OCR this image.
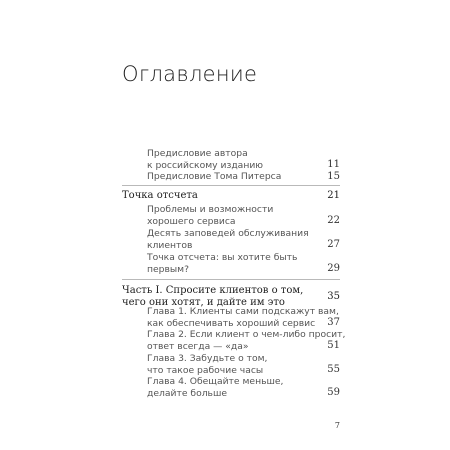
Оглавление
Предисловие автора
к российскому изданию	11
Предисловие Тома Питерса	15
Точка отсчета	21
Проблемы и возможности
хорошего сервиса	22
Десять заповедей обслуживания
клиентов	27
Точка отсчета: вы хотите быть
первым?	29
Часть I. Спросите клиентов о том,
чего они хотят, и дайте им это
35
Глава 1. Клиенты сами подскажут вам,
как обеспечивать хороший сервис	37
Глава 2. Если клиент о чем-либо просит,
ответ всегда — «да»	51
Глава 3. Забудьте о том,
что такое рабочие часы	55
Глава 4. Обещайте меньше,
делайте больше	59
7
